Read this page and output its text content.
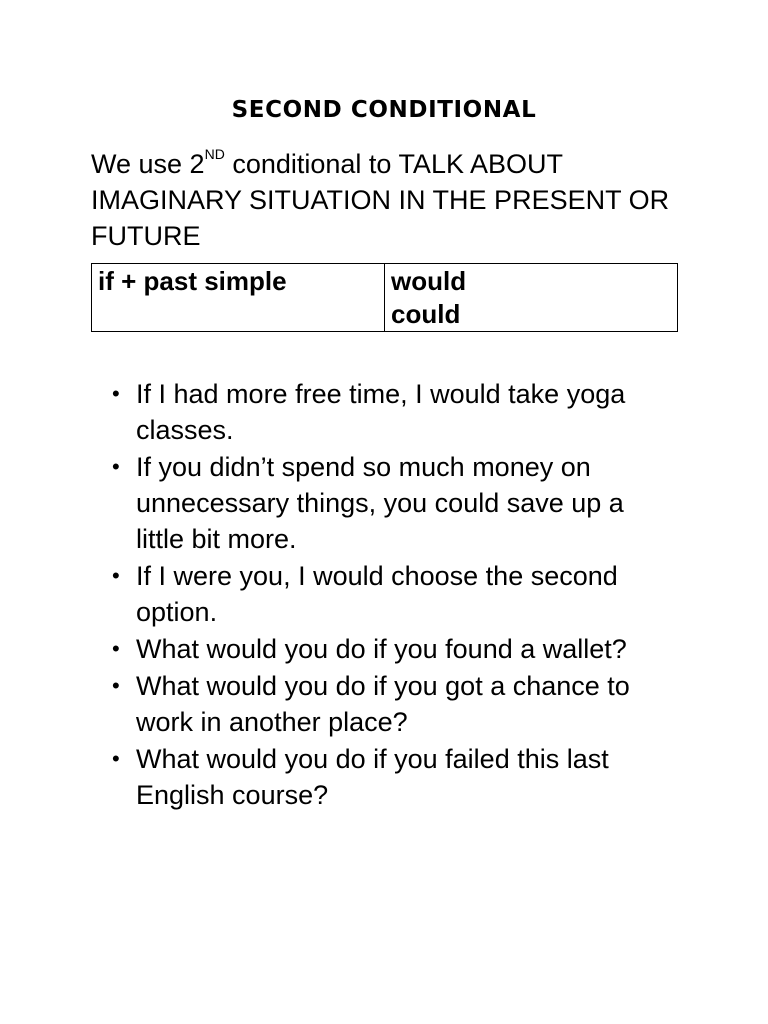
SECOND CONDITIONAL

We use 2ND conditional to TALK ABOUT IMAGINARY SITUATION IN THE PRESENT OR FUTURE

if + past simple	would
could
• If I had more free time, I would take yoga classes.
• If you didn’t spend so much money on unnecessary things, you could save up a little bit more.
• If I were you, I would choose the second option.
• What would you do if you found a wallet?
• What would you do if you got a chance to work in another place?
• What would you do if you failed this last English course?
